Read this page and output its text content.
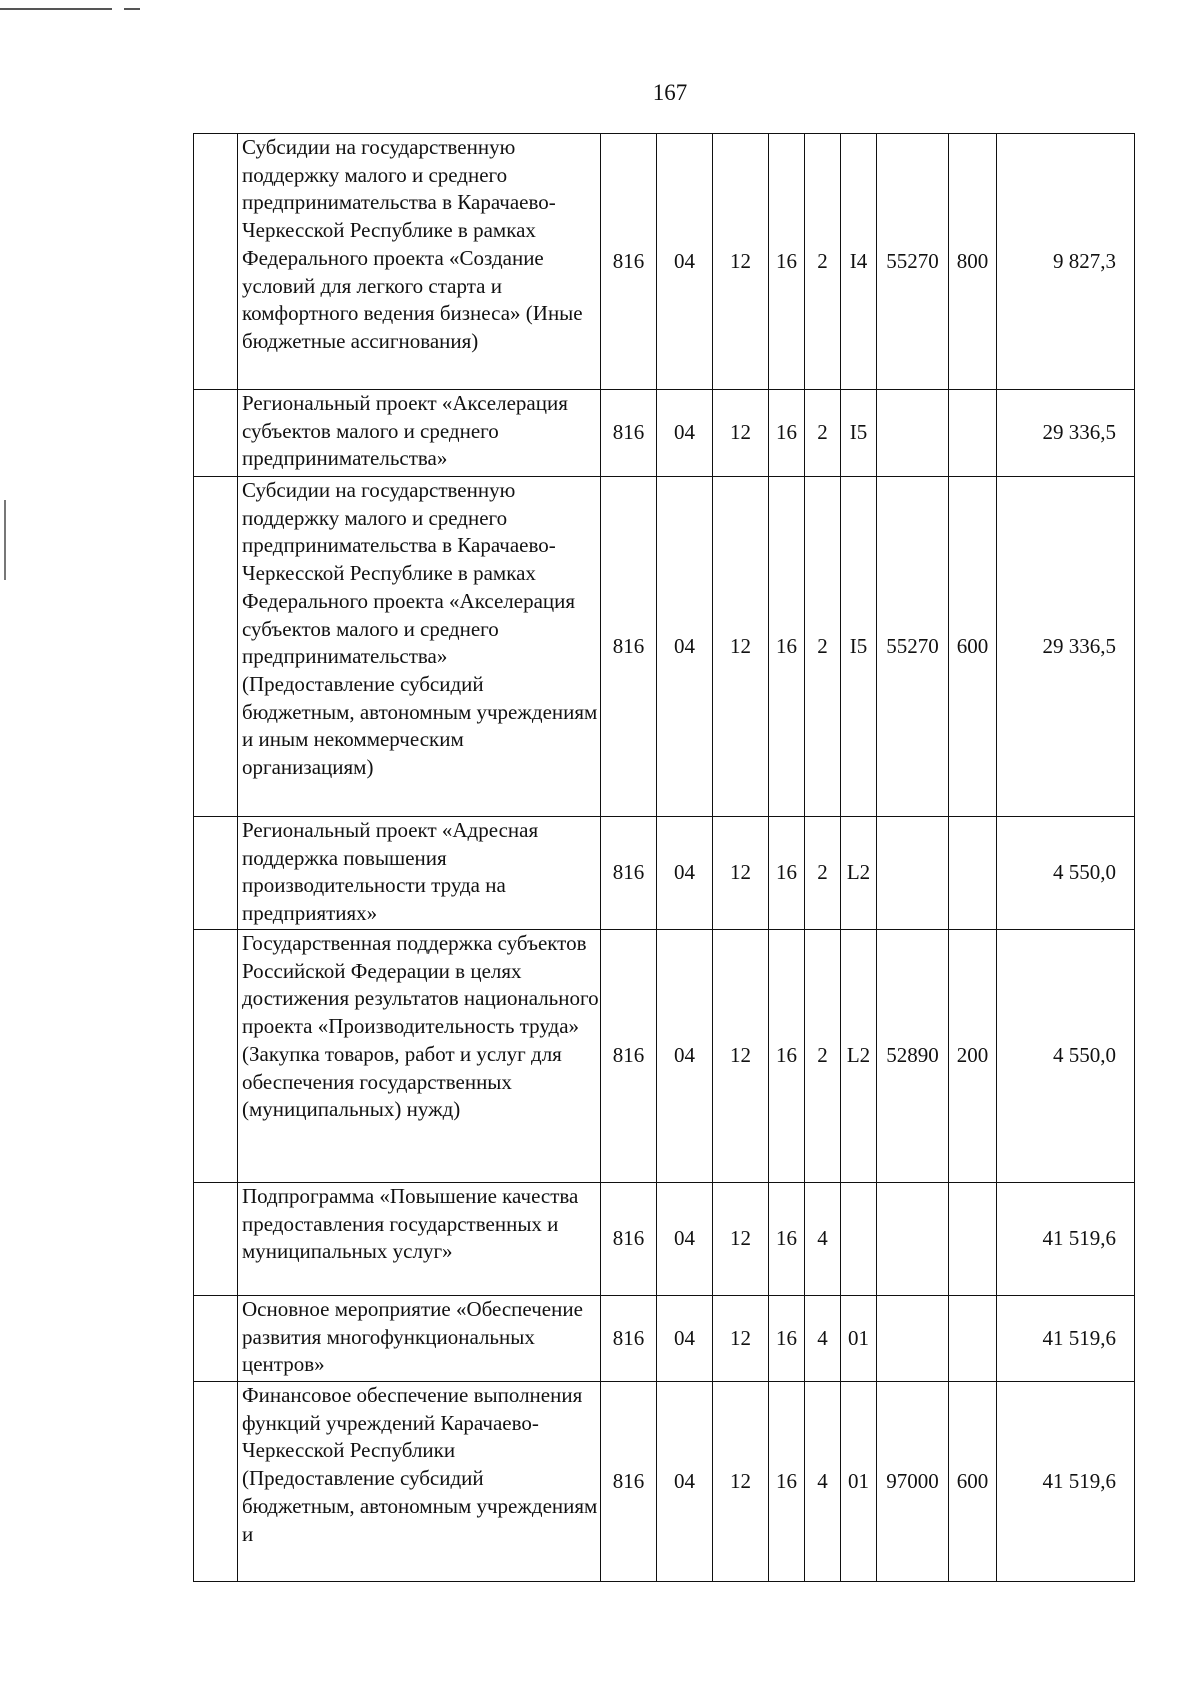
167
	Субсидии на государственную поддержку малого и среднего предпринимательства в Карачаево-Черкесской Республике в рамках Федерального проекта «Создание условий для легкого старта и комфортного ведения бизнеса» (Иные бюджетные ассигнования)	816	04	12	16	2	I4	55270	800	9 827,3
	Региональный проект «Акселерация субъектов малого и среднего предпринимательства»	816	04	12	16	2	I5			29 336,5
	Субсидии на государственную поддержку малого и среднего предпринимательства в Карачаево-Черкесской Республике в рамках Федерального проекта «Акселерация субъектов малого и среднего предпринимательства» (Предоставление субсидий бюджетным, автономным учреждениям и иным некоммерческим организациям)	816	04	12	16	2	I5	55270	600	29 336,5
	Региональный проект «Адресная поддержка повышения производительности труда на предприятиях»	816	04	12	16	2	L2			4 550,0
	Государственная поддержка субъектов Российской Федерации в целях достижения результатов национального проекта «Производительность труда» (Закупка товаров, работ и услуг для обеспечения государственных (муниципальных) нужд)	816	04	12	16	2	L2	52890	200	4 550,0
	Подпрограмма «Повышение качества предоставления государственных и муниципальных услуг»	816	04	12	16	4				41 519,6
	Основное мероприятие «Обеспечение развития многофункциональных центров»	816	04	12	16	4	01			41 519,6
	Финансовое обеспечение выполнения функций учреждений Карачаево-Черкесской Республики (Предоставление субсидий бюджетным, автономным учреждениям и	816	04	12	16	4	01	97000	600	41 519,6
